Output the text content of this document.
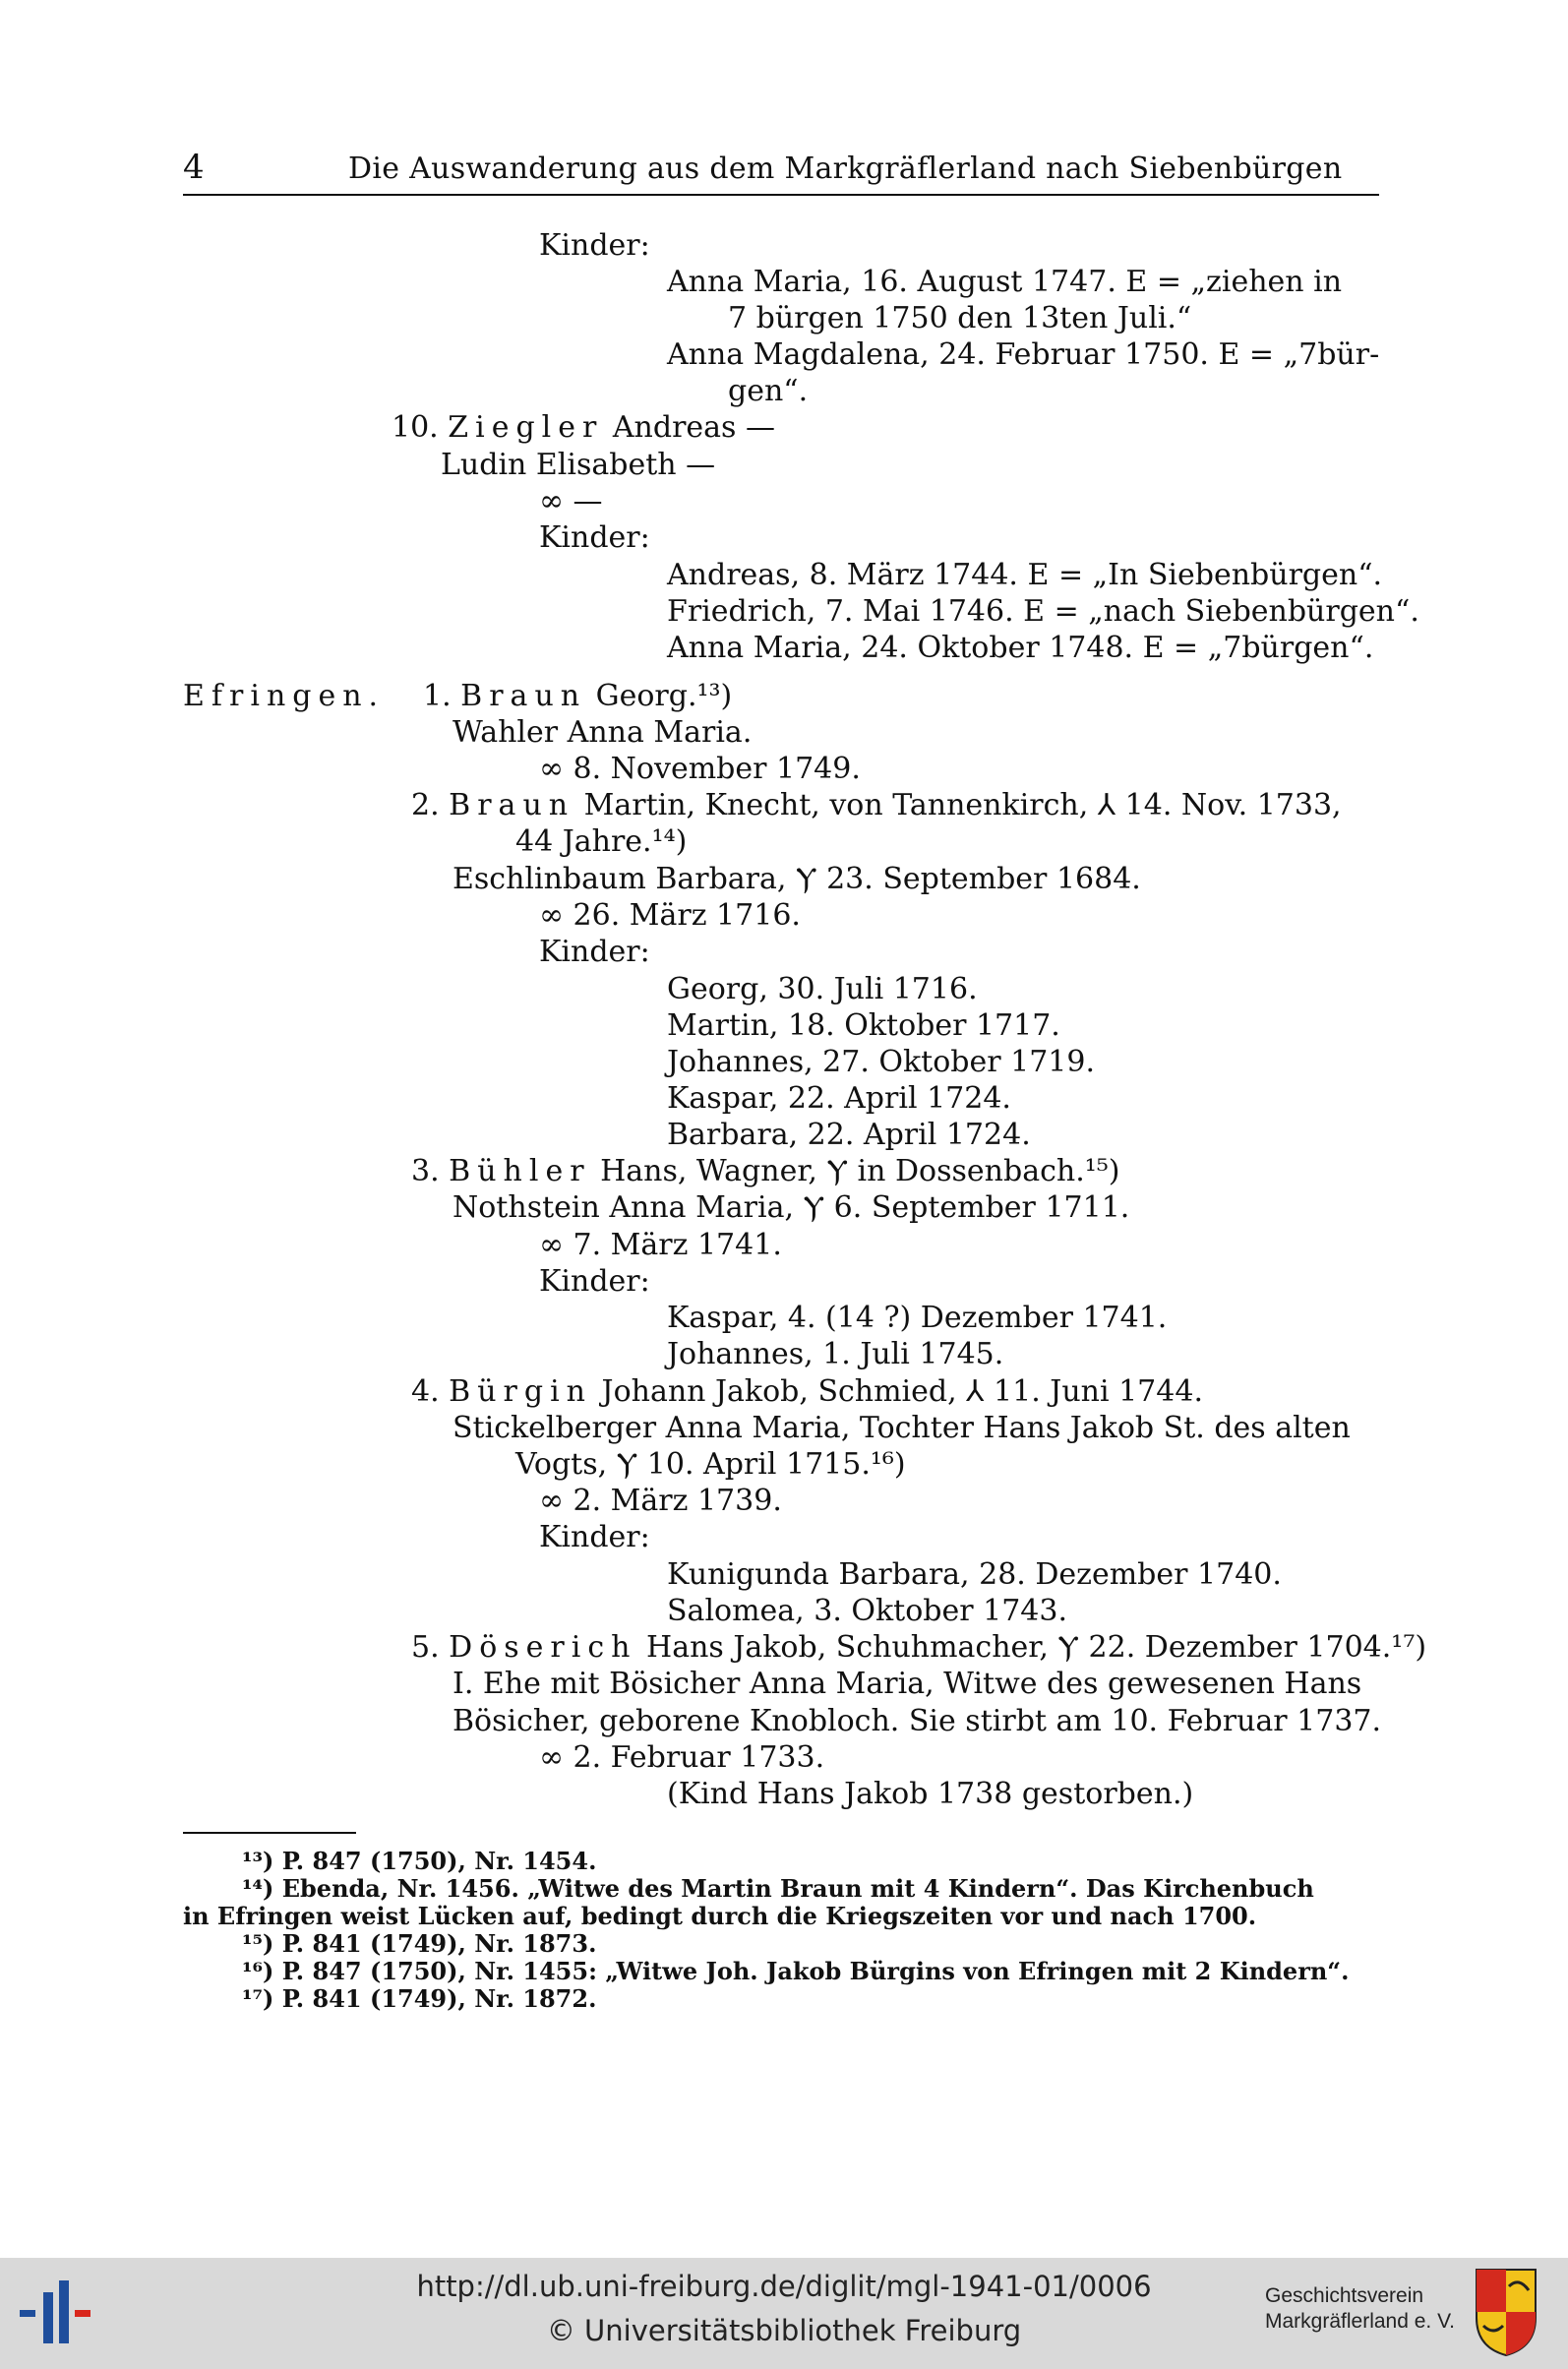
4	Die Auswanderung aus dem Markgräflerland nach Siebenbürgen
Kinder:
Anna Maria, 16. August 1747. E = „ziehen in
7 bürgen 1750 den 13ten Juli.“
Anna Magdalena, 24. Februar 1750. E = „7bür-
gen“.
10. Ziegler Andreas —
Ludin Elisabeth —
∞ —
Kinder:
Andreas, 8. März 1744. E = „In Siebenbürgen“.
Friedrich, 7. Mai 1746. E = „nach Siebenbürgen“.
Anna Maria, 24. Oktober 1748. E = „7bürgen“.
Efringen. 1. Braun Georg.¹³)
Wahler Anna Maria.
∞ 8. November 1749.
2. Braun Martin, Knecht, von Tannenkirch, ⅄ 14. Nov. 1733,
44 Jahre.¹⁴)
Eschlinbaum Barbara, Ⲩ 23. September 1684.
∞ 26. März 1716.
Kinder:
Georg, 30. Juli 1716.
Martin, 18. Oktober 1717.
Johannes, 27. Oktober 1719.
Kaspar, 22. April 1724.
Barbara, 22. April 1724.
3. Bühler Hans, Wagner, Ⲩ in Dossenbach.¹⁵)
Nothstein Anna Maria, Ⲩ 6. September 1711.
∞ 7. März 1741.
Kinder:
Kaspar, 4. (14 ?) Dezember 1741.
Johannes, 1. Juli 1745.
4. Bürgin Johann Jakob, Schmied, ⅄ 11. Juni 1744.
Stickelberger Anna Maria, Tochter Hans Jakob St. des alten
Vogts, Ⲩ 10. April 1715.¹⁶)
∞ 2. März 1739.
Kinder:
Kunigunda Barbara, 28. Dezember 1740.
Salomea, 3. Oktober 1743.
5. Döserich Hans Jakob, Schuhmacher, Ⲩ 22. Dezember 1704.¹⁷)
I. Ehe mit Bösicher Anna Maria, Witwe des gewesenen Hans
Bösicher, geborene Knobloch. Sie stirbt am 10. Februar 1737.
∞ 2. Februar 1733.
(Kind Hans Jakob 1738 gestorben.)
¹³) P. 847 (1750), Nr. 1454.
¹⁴) Ebenda, Nr. 1456. „Witwe des Martin Braun mit 4 Kindern“. Das Kirchenbuch
in Efringen weist Lücken auf, bedingt durch die Kriegszeiten vor und nach 1700.
¹⁵) P. 841 (1749), Nr. 1873.
¹⁶) P. 847 (1750), Nr. 1455: „Witwe Joh. Jakob Bürgins von Efringen mit 2 Kindern“.
¹⁷) P. 841 (1749), Nr. 1872.
http://dl.ub.uni-freiburg.de/diglit/mgl-1941-01/0006
© Universitätsbibliothek Freiburg
Geschichtsverein
Markgräflerland e. V.
